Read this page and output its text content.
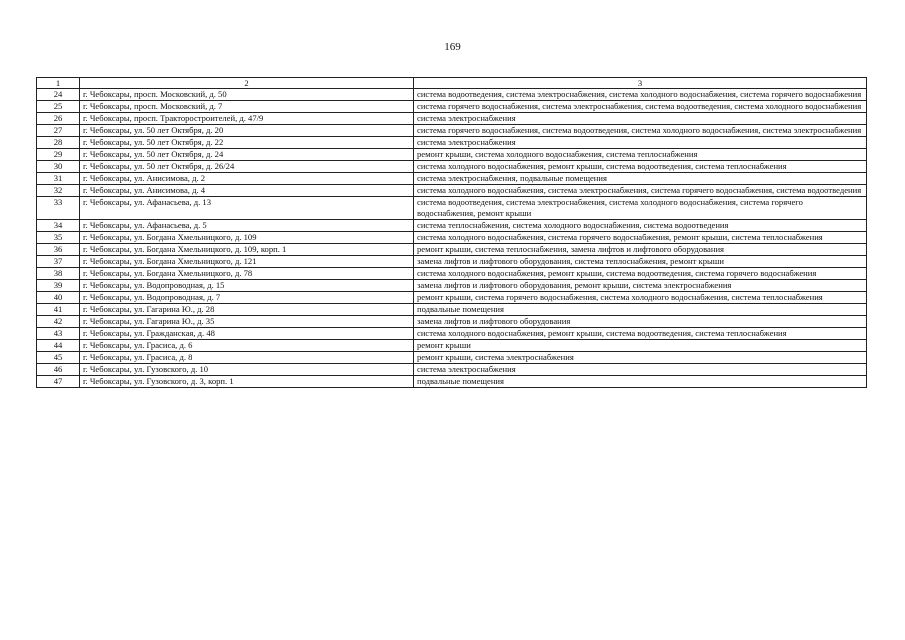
169
1	2	3
24	г. Чебоксары, просп. Московский, д. 50	система водоотведения, система электроснабжения, система холодного водоснабжения, система горячего водоснабжения
25	г. Чебоксары, просп. Московский, д. 7	система горячего водоснабжения, система электроснабжения, система водоотведения, система холодного водоснабжения
26	г. Чебоксары, просп. Тракторостроителей, д. 47/9	система электроснабжения
27	г. Чебоксары, ул. 50 лет Октября, д. 20	система горячего водоснабжения, система водоотведения, система холодного водоснабжения, система электроснабжения
28	г. Чебоксары, ул. 50 лет Октября, д. 22	система электроснабжения
29	г. Чебоксары, ул. 50 лет Октября, д. 24	ремонт крыши, система холодного водоснабжения, система теплоснабжения
30	г. Чебоксары, ул. 50 лет Октября, д. 26/24	система холодного водоснабжения, ремонт крыши, система водоотведения, система теплоснабжения
31	г. Чебоксары, ул. Анисимова, д. 2	система электроснабжения, подвальные помещения
32	г. Чебоксары, ул. Анисимова, д. 4	система холодного водоснабжения, система электроснабжения, система горячего водоснабжения, система водоотведения
33	г. Чебоксары, ул. Афанасьева, д. 13	система водоотведения, система электроснабжения, система холодного водоснабжения, система горячего водоснабжения, ремонт крыши
34	г. Чебоксары, ул. Афанасьева, д. 5	система теплоснабжения, система холодного водоснабжения, система водоотведения
35	г. Чебоксары, ул. Богдана Хмельницкого, д. 109	система холодного водоснабжения, система горячего водоснабжения, ремонт крыши, система теплоснабжения
36	г. Чебоксары, ул. Богдана Хмельницкого, д. 109, корп. 1	ремонт крыши, система теплоснабжения, замена лифтов и лифтового оборудования
37	г. Чебоксары, ул. Богдана Хмельницкого, д. 121	замена лифтов и лифтового оборудования, система теплоснабжения, ремонт крыши
38	г. Чебоксары, ул. Богдана Хмельницкого, д. 78	система холодного водоснабжения, ремонт крыши, система водоотведения, система горячего водоснабжения
39	г. Чебоксары, ул. Водопроводная, д. 15	замена лифтов и лифтового оборудования, ремонт крыши, система электроснабжения
40	г. Чебоксары, ул. Водопроводная, д. 7	ремонт крыши, система горячего водоснабжения, система холодного водоснабжения, система теплоснабжения
41	г. Чебоксары, ул. Гагарина Ю., д. 28	подвальные помещения
42	г. Чебоксары, ул. Гагарина Ю., д. 35	замена лифтов и лифтового оборудования
43	г. Чебоксары, ул. Гражданская, д. 48	система холодного водоснабжения, ремонт крыши, система водоотведения, система теплоснабжения
44	г. Чебоксары, ул. Грасиса, д. 6	ремонт крыши
45	г. Чебоксары, ул. Грасиса, д. 8	ремонт крыши, система электроснабжения
46	г. Чебоксары, ул. Гузовского, д. 10	система электроснабжения
47	г. Чебоксары, ул. Гузовского, д. 3, корп. 1	подвальные помещения
